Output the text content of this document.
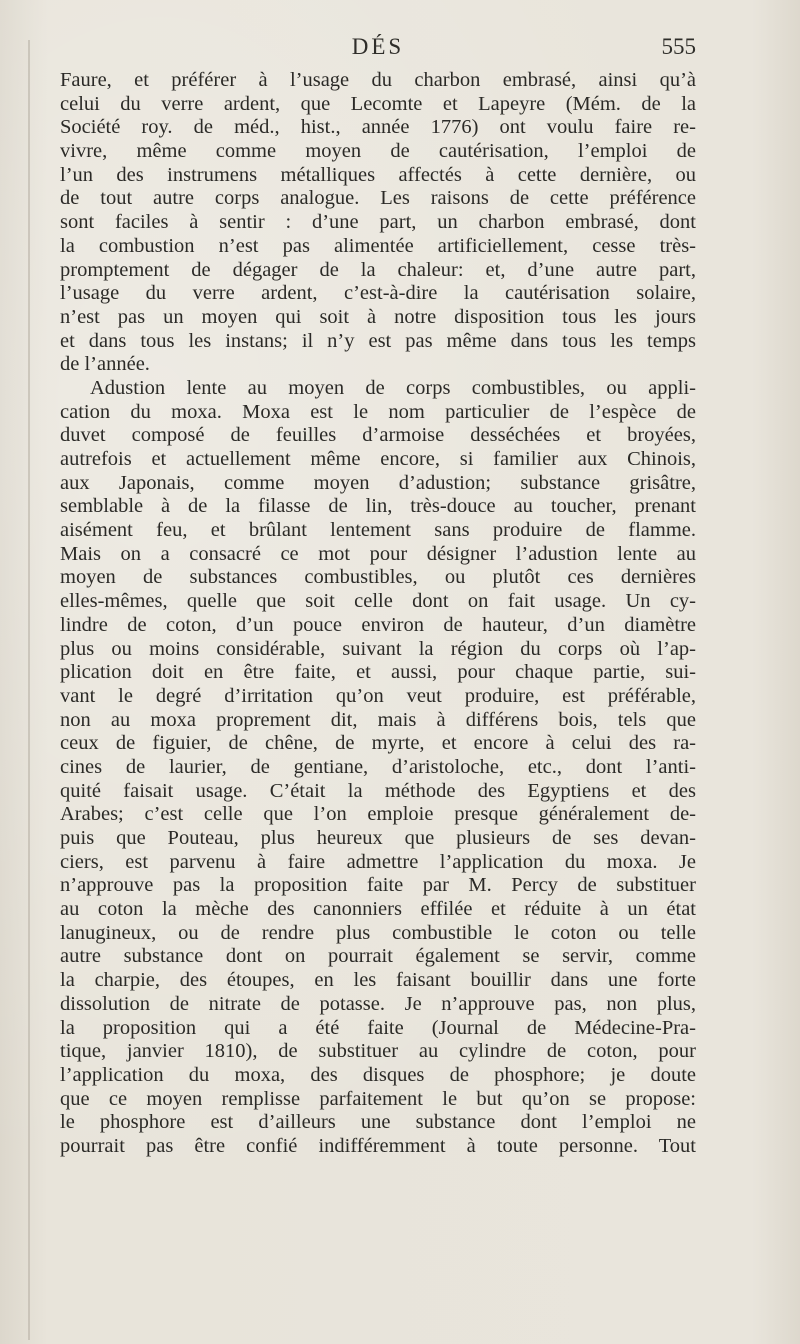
DÉS	555
Faure, et préférer à l’usage du charbon embrasé, ainsi qu’à
celui du verre ardent, que Lecomte et Lapeyre (Mém. de la
Société roy. de méd., hist., année 1776) ont voulu faire re-
vivre, même comme moyen de cautérisation, l’emploi de
l’un des instrumens métalliques affectés à cette dernière, ou
de tout autre corps analogue. Les raisons de cette préférence
sont faciles à sentir : d’une part, un charbon embrasé, dont
la combustion n’est pas alimentée artificiellement, cesse très-
promptement de dégager de la chaleur: et, d’une autre part,
l’usage du verre ardent, c’est-à-dire la cautérisation solaire,
n’est pas un moyen qui soit à notre disposition tous les jours
et dans tous les instans; il n’y est pas même dans tous les temps
de l’année.
Adustion lente au moyen de corps combustibles, ou appli-
cation du moxa. Moxa est le nom particulier de l’espèce de
duvet composé de feuilles d’armoise desséchées et broyées,
autrefois et actuellement même encore, si familier aux Chinois,
aux Japonais, comme moyen d’adustion; substance grisâtre,
semblable à de la filasse de lin, très-douce au toucher, prenant
aisément feu, et brûlant lentement sans produire de flamme.
Mais on a consacré ce mot pour désigner l’adustion lente au
moyen de substances combustibles, ou plutôt ces dernières
elles-mêmes, quelle que soit celle dont on fait usage. Un cy-
lindre de coton, d’un pouce environ de hauteur, d’un diamètre
plus ou moins considérable, suivant la région du corps où l’ap-
plication doit en être faite, et aussi, pour chaque partie, sui-
vant le degré d’irritation qu’on veut produire, est préférable,
non au moxa proprement dit, mais à différens bois, tels que
ceux de figuier, de chêne, de myrte, et encore à celui des ra-
cines de laurier, de gentiane, d’aristoloche, etc., dont l’anti-
quité faisait usage. C’était la méthode des Egyptiens et des
Arabes; c’est celle que l’on emploie presque généralement de-
puis que Pouteau, plus heureux que plusieurs de ses devan-
ciers, est parvenu à faire admettre l’application du moxa. Je
n’approuve pas la proposition faite par M. Percy de substituer
au coton la mèche des canonniers effilée et réduite à un état
lanugineux, ou de rendre plus combustible le coton ou telle
autre substance dont on pourrait également se servir, comme
la charpie, des étoupes, en les faisant bouillir dans une forte
dissolution de nitrate de potasse. Je n’approuve pas, non plus,
la proposition qui a été faite (Journal de Médecine-Pra-
tique, janvier 1810), de substituer au cylindre de coton, pour
l’application du moxa, des disques de phosphore; je doute
que ce moyen remplisse parfaitement le but qu’on se propose:
le phosphore est d’ailleurs une substance dont l’emploi ne
pourrait pas être confié indifféremment à toute personne. Tout
